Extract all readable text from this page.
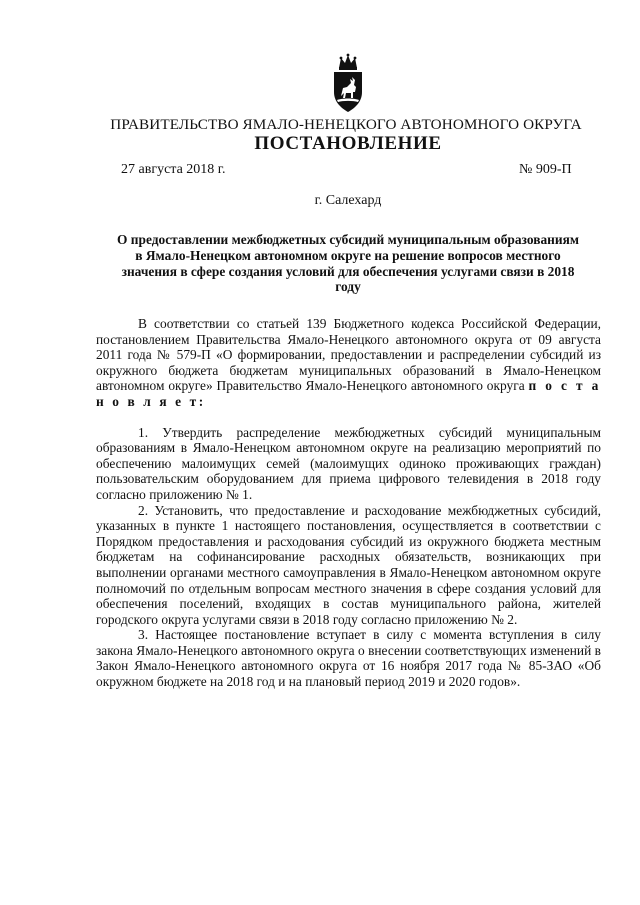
ПРАВИТЕЛЬСТВО ЯМАЛО-НЕНЕЦКОГО АВТОНОМНОГО ОКРУГА
ПОСТАНОВЛЕНИЕ
27 августа 2018 г.	№ 909-П
г. Салехард
О предоставлении межбюджетных субсидий муниципальным образованиям в Ямало-Ненецком автономном округе на решение вопросов местного значения в сфере создания условий для обеспечения услугами связи в 2018 году

В соответствии со статьей 139 Бюджетного кодекса Российской Федерации, постановлением Правительства Ямало-Ненецкого автономного округа от 09 августа 2011 года № 579-П «О формировании, предоставлении и распределении субсидий из окружного бюджета бюджетам муниципальных образований в Ямало-Ненецком автономном округе» Правительство Ямало-Ненецкого автономного округа п о с т а н о в л я е т:

1. Утвердить распределение межбюджетных субсидий муниципальным образованиям в Ямало-Ненецком автономном округе на реализацию мероприятий по обеспечению малоимущих семей (малоимущих одиноко проживающих граждан) пользовательским оборудованием для приема цифрового телевидения в 2018 году согласно приложению № 1.

2. Установить, что предоставление и расходование межбюджетных субсидий, указанных в пункте 1 настоящего постановления, осуществляется в соответствии с Порядком предоставления и расходования субсидий из окружного бюджета местным бюджетам на софинансирование расходных обязательств, возникающих при выполнении органами местного самоуправления в Ямало-Ненецком автономном округе полномочий по отдельным вопросам местного значения в сфере создания условий для обеспечения поселений, входящих в состав муниципального района, жителей городского округа услугами связи в 2018 году согласно приложению № 2.

3. Настоящее постановление вступает в силу с момента вступления в силу закона Ямало-Ненецкого автономного округа о внесении соответствующих изменений в Закон Ямало-Ненецкого автономного округа от 16 ноября 2017 года № 85-ЗАО «Об окружном бюджете на 2018 год и на плановый период 2019 и 2020 годов».
